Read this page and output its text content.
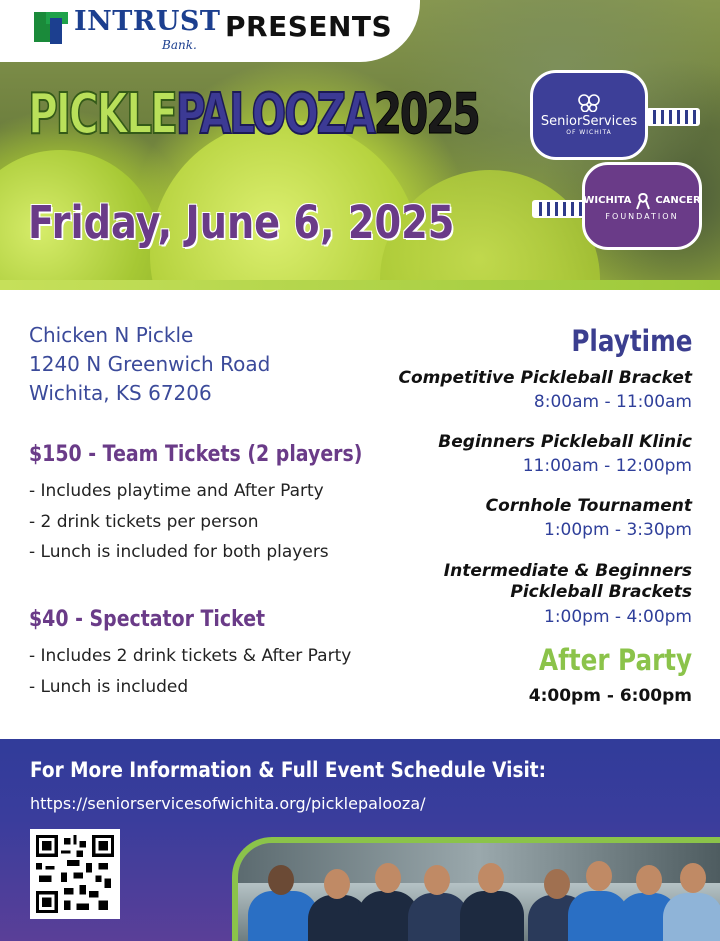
INTRUST
Bank.
PRESENTS
PICKLEPALOOZA2025
Friday, June 6, 2025
SeniorServices
OF WICHITA
WICHITA CANCER
FOUNDATION
Chicken N Pickle
1240 N Greenwich Road
Wichita, KS 67206
$150 - Team Tickets (2 players)
- Includes playtime and After Party
- 2 drink tickets per person
- Lunch is included for both players
$40 - Spectator Ticket
- Includes 2 drink tickets & After Party
- Lunch is included
Playtime
Competitive Pickleball Bracket
8:00am - 11:00am
Beginners Pickleball Klinic
11:00am - 12:00pm
Cornhole Tournament
1:00pm - 3:30pm
Intermediate & Beginners
Pickleball Brackets
1:00pm - 4:00pm
After Party
4:00pm - 6:00pm
For More Information & Full Event Schedule Visit:
https://seniorservicesofwichita.org/picklepalooza/
